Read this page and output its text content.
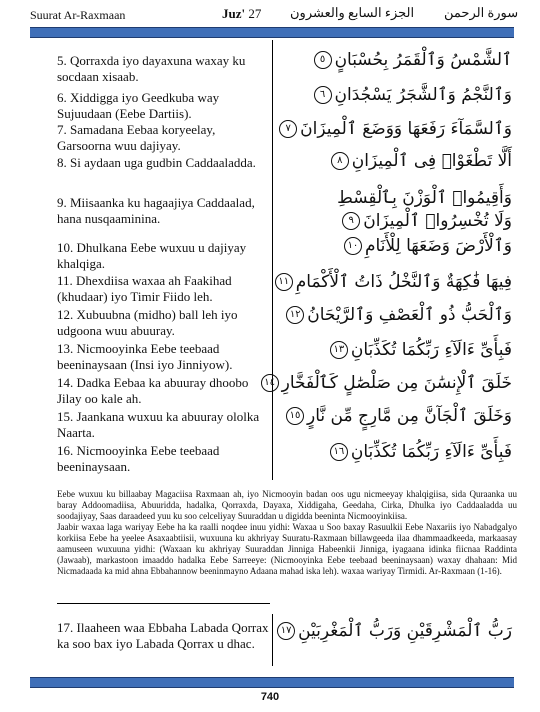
Suurat Ar-Raxmaan	Juz' 27 الجزء السابع والعشرون سورة الرحمن
5. Qorraxda iyo dayaxuna waxay ku socdaan xisaab.
ٱلشَّمْسُ وَٱلْقَمَرُ بِحُسْبَانٍ٥
6. Xiddigga iyo Geedkuba way Sujuudaan (Eebe Dartiis).
وَٱلنَّجْمُ وَٱلشَّجَرُ يَسْجُدَانِ٦
7. Samadana Eebaa koryeelay, Garsoorna wuu dajiyay.
وَٱلسَّمَآءَ رَفَعَهَا وَوَضَعَ ٱلْمِيزَانَ٧
8. Si aydaan uga gudbin Caddaaladda.	أَلَّا تَطْغَوْا۟ فِى ٱلْمِيزَانِ٨
9. Miisaanka ku hagaajiya Caddaalad, hana nusqaaminina.
وَأَقِيمُوا۟ ٱلْوَزْنَ بِٱلْقِسْطِ
وَلَا تُخْسِرُوا۟ ٱلْمِيزَانَ٩
10. Dhulkana Eebe wuxuu u dajiyay khalqiga.
وَٱلْأَرْضَ وَضَعَهَا لِلْأَنَامِ١٠
11. Dhexdiisa waxaa ah Faakihad (khudaar) iyo Timir Fiido leh.
فِيهَا فَٰكِهَةٌ وَٱلنَّخْلُ ذَاتُ ٱلْأَكْمَامِ١١
12. Xubuubna (midho) ball leh iyo udgoona wuu abuuray.
وَٱلْحَبُّ ذُو ٱلْعَصْفِ وَٱلرَّيْحَانُ١٢
13. Nicmooyinka Eebe teebaad beeninaysaan (Insi iyo Jinniyow).
فَبِأَىِّ ءَالَآءِ رَبِّكُمَا تُكَذِّبَانِ١٣
14. Dadka Eebaa ka abuuray dhoobo Jilay oo kale ah.
خَلَقَ ٱلْإِنسَٰنَ مِن صَلْصَٰلٍ كَٱلْفَخَّارِ١٤
15. Jaankana wuxuu ka abuuray ololka Naarta.
وَخَلَقَ ٱلْجَآنَّ مِن مَّارِجٍ مِّن نَّارٍ١٥
16. Nicmooyinka Eebe teebaad beeninaysaan.
فَبِأَىِّ ءَالَآءِ رَبِّكُمَا تُكَذِّبَانِ١٦

Eebe wuxuu ku billaabay Magaciisa Raxmaan ah, iyo Nicmooyin badan oos ugu nicmeeyay khalqigiisa, sida Quraanka uu baray Addoomadiisa, Abuuridda, hadalka, Qorraxda, Dayaxa, Xiddigaha, Geedaha, Cirka, Dhulka iyo Caddaaladda uu soodajiyay, Saas daraadeed yuu ku soo celceliyay Suuraddan u digidda beeninta Nicmooyinkiisa.

Jaabir waxaa laga wariyay Eebe ha ka raalli noqdee inuu yidhi: Waxaa u Soo baxay Rasuulkii Eebe Naxariis iyo Nabadgalyo korkiisa Eebe ha yeelee Asaxaabtiisii, wuxuuna ku akhriyay Suuratu-Raxmaan billawgeeda ilaa dhammaadkeeda, markaasay aamuseen wuxuuna yidhi: (Waxaan ku akhriyay Suuraddan Jinniga Habeenkii Jinniga, iyagaana idinka fiicnaa Raddinta (Jawaab), markastoon imaaddo hadalka Eebe Sarreeye: (Nicmooyinka Eebe teebaad beeninaysaan) waxay dhahaan: Mid Nicmadaada ka mid ahna Ebbahannow beeninmayno Adaana mahad iska leh). waxaa wariyay Tirmidi. Ar-Raxmaan (1-16).

17. Ilaaheen waa Ebbaha Labada Qorrax ka soo bax iyo Labada Qorrax u dhac.
رَبُّ ٱلْمَشْرِقَيْنِ وَرَبُّ ٱلْمَغْرِبَيْنِ١٧
740
